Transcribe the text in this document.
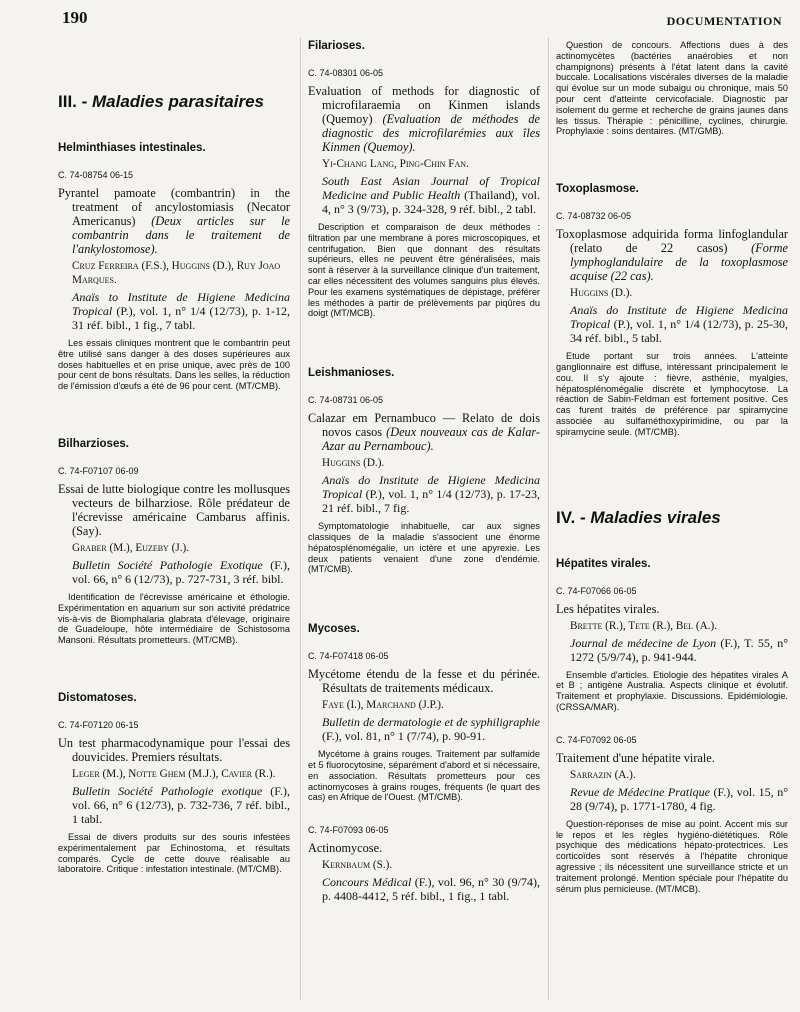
190	DOCUMENTATION
III. - Maladies parasitaires
Helminthiases intestinales.
C. 74-08754 06-15

Pyrantel pamoate (combantrin) in the treatment of ancylostomiasis (Necator Americanus) (Deux articles sur le combantrin dans le traitement de l'ankylostomose).

Cruz Ferreira (F.S.), Huggins (D.), Ruy Joao Marques.

Anaïs to Institute de Higiene Medicina Tropical (P.), vol. 1, n° 1/4 (12/73), p. 1-12, 31 réf. bibl., 1 fig., 7 tabl.

Les essais cliniques montrent que le combantrin peut être utilisé sans danger à des doses supérieures aux doses habituelles et en prise unique, avec près de 100 pour cent de bons résultats. Dans les selles, la réduction de l'émission d'œufs a été de 96 pour cent. (MT/CMB).

Bilharzioses.
C. 74-F07107 06-09

Essai de lutte biologique contre les mollusques vecteurs de bilharziose. Rôle prédateur de l'écrevisse américaine Cambarus affinis. (Say).

Graber (M.), Euzeby (J.).

Bulletin Société Pathologie Exotique (F.), vol. 66, n° 6 (12/73), p. 727-731, 3 réf. bibl.

Identification de l'écrevisse américaine et éthologie. Expérimentation en aquarium sur son activité prédatrice vis-à-vis de Biomphalaria glabrata d'élevage, originaire de Guadeloupe, hôte intermédiaire de Schistosoma Mansoni. Résultats prometteurs. (MT/CMB).

Distomatoses.
C. 74-F07120 06-15

Un test pharmacodynamique pour l'essai des douvicides. Premiers résultats.

Leger (M.), Notte Ghem (M.J.), Cavier (R.).

Bulletin Société Pathologie exotique (F.), vol. 66, n° 6 (12/73), p. 732-736, 7 réf. bibl., 1 tabl.

Essai de divers produits sur des souris infestées expérimentalement par Echinostoma, et résultats comparés. Cycle de cette douve réalisable au laboratoire. Critique : infestation intestinale. (MT/CMB).

Filarioses.
C. 74-08301 06-05

Evaluation of methods for diagnostic of microfilaraemia on Kinmen islands (Quemoy) (Evaluation de méthodes de diagnostic des microfilarémies aux îles Kinmen (Quemoy).

Yi-Chang Lang, Ping-Chin Fan.

South East Asian Journal of Tropical Medicine and Public Health (Thailand), vol. 4, n° 3 (9/73), p. 324-328, 9 réf. bibl., 2 tabl.

Description et comparaison de deux méthodes : filtration par une membrane à pores microscopiques, et centrifugation. Bien que donnant des résultats supérieurs, elles ne peuvent être généralisées, mais sont à réserver à la surveillance clinique d'un traitement, car elles nécessitent des volumes sanguins plus élevés. Pour les examens systématiques de dépistage, préférer les méthodes à partir de prélèvements par piqûres du doigt (MT/MCB).

Leishmanioses.
C. 74-08731 06-05

Calazar em Pernambuco — Relato de dois novos casos (Deux nouveaux cas de Kalar-Azar au Pernambouc).

Huggins (D.).

Anaïs do Institute de Higiene Medicina Tropical (P.), vol. 1, n° 1/4 (12/73), p. 17-23, 21 réf. bibl., 7 fig.

Symptomatologie inhabituelle, car aux signes classiques de la maladie s'associent une énorme hépatosplénomégalie, un ictère et une apyrexie. Les deux patients venaient d'une zone d'endémie. (MT/CMB).

Mycoses.
C. 74-F07418 06-05

Mycétome étendu de la fesse et du périnée. Résultats de traitements médicaux.

Faye (I.), Marchand (J.P.).

Bulletin de dermatologie et de syphiligraphie (F.), vol. 81, n° 1 (7/74), p. 90-91.

Mycétome à grains rouges. Traitement par sulfamide et 5 fluorocytosine, séparément d'abord et si nécessaire, en association. Résultats prometteurs pour ces actinomycoses à grains rouges, fréquents (le quart des cas) en Afrique de l'Ouest. (MT/CMB).

C. 74-F07093 06-05

Actinomycose.

Kernbaum (S.).

Concours Médical (F.), vol. 96, n° 30 (9/74), p. 4408-4412, 5 réf. bibl., 1 fig., 1 tabl.

Question de concours. Affections dues à des actinomycètes (bactéries anaérobies et non champignons) présents à l'état latent dans la cavité buccale. Localisations viscérales diverses de la maladie qui évolue sur un mode subaigu ou chronique, mais 50 pour cent d'atteinte cervicofaciale. Diagnostic par isolement du germe et recherche de grains jaunes dans les tissus. Thérapie : pénicilline, cyclines, chirurgie. Prophylaxie : soins dentaires. (MT/GMB).

Toxoplasmose.
C. 74-08732 06-05

Toxoplasmose adquirida forma linfoglandular (relato de 22 casos) (Forme lymphoglandulaire de la toxoplasmose acquise (22 cas).

Huggins (D.).

Anaïs do Institute de Higiene Medicina Tropical (P.), vol. 1, n° 1/4 (12/73), p. 25-30, 34 réf. bibl., 5 tabl.

Etude portant sur trois années. L'atteinte ganglionnaire est diffuse, intéressant principalement le cou. Il s'y ajoute : fièvre, asthénie, myalgies, hépatosplénomégalie discrète et lymphocytose. La réaction de Sabin-Feldman est fortement positive. Ces cas furent traités de préférence par spiramycine associée au sulfaméthoxypirimidine, ou par la spiramycine seule. (MT/CMB).

IV. - Maladies virales
Hépatites virales.
C. 74-F07066 06-05

Les hépatites virales.

Brette (R.), Tete (R.), Bel (A.).

Journal de médecine de Lyon (F.), T. 55, n° 1272 (5/9/74), p. 941-944.

Ensemble d'articles. Etiologie des hépatites virales A et B ; antigène Australia. Aspects clinique et évolutif. Traitement et prophylaxie. Discussions. Epidémiologie. (CRSSA/MAR).

C. 74-F07092 06-05

Traitement d'une hépatite virale.

Sarrazin (A.).

Revue de Médecine Pratique (F.), vol. 15, n° 28 (9/74), p. 1771-1780, 4 fig.

Question-réponses de mise au point. Accent mis sur le repos et les règles hygiéno-diététiques. Rôle psychique des médications hépato-protectrices. Les corticoïdes sont réservés à l'hépatite chronique agressive ; ils nécessitent une surveillance stricte et un traitement prolongé. Mention spéciale pour l'hépatite du sérum plus pernicieuse. (MT/MCB).
